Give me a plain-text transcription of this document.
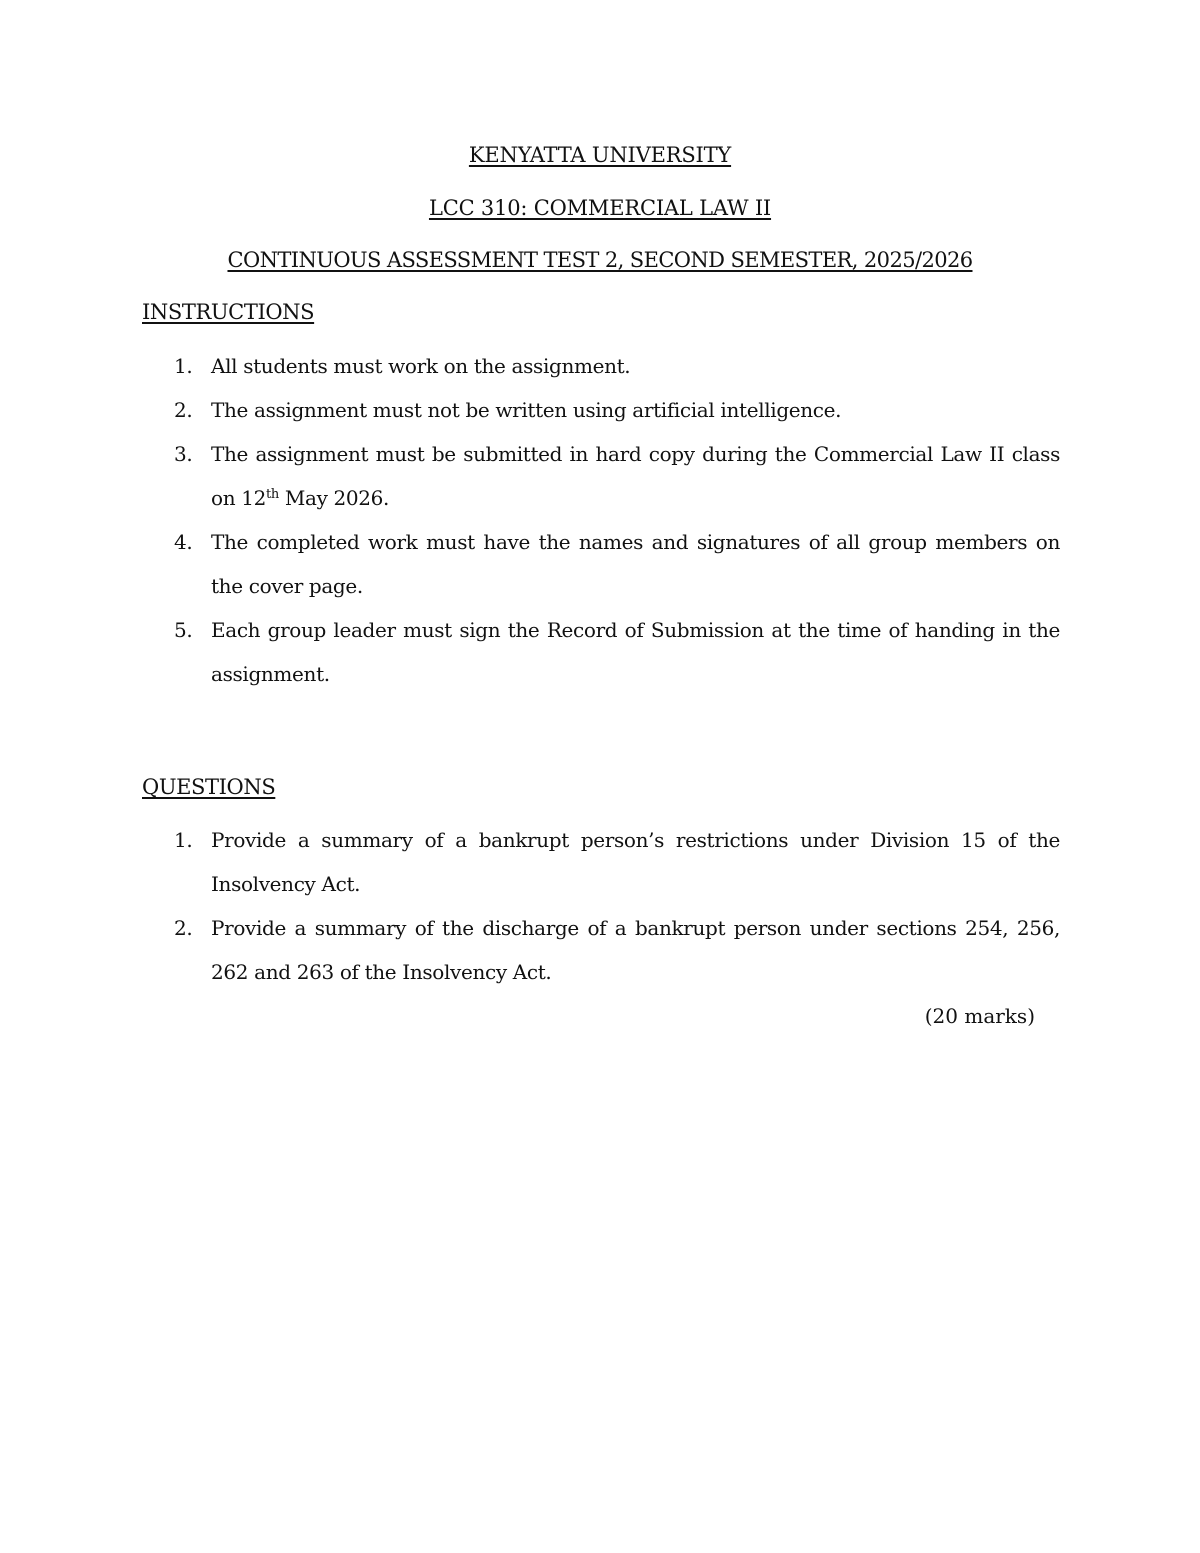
KENYATTA UNIVERSITY
LCC 310: COMMERCIAL LAW II
CONTINUOUS ASSESSMENT TEST 2, SECOND SEMESTER, 2025/2026
INSTRUCTIONS
1. All students must work on the assignment.
2. The assignment must not be written using artificial intelligence.
3. The assignment must be submitted in hard copy during the Commercial Law II class on 12th May 2026.
4. The completed work must have the names and signatures of all group members on the cover page.
5. Each group leader must sign the Record of Submission at the time of handing in the assignment.
QUESTIONS
1. Provide a summary of a bankrupt person’s restrictions under Division 15 of the Insolvency Act.
2. Provide a summary of the discharge of a bankrupt person under sections 254, 256, 262 and 263 of the Insolvency Act.
(20 marks)
